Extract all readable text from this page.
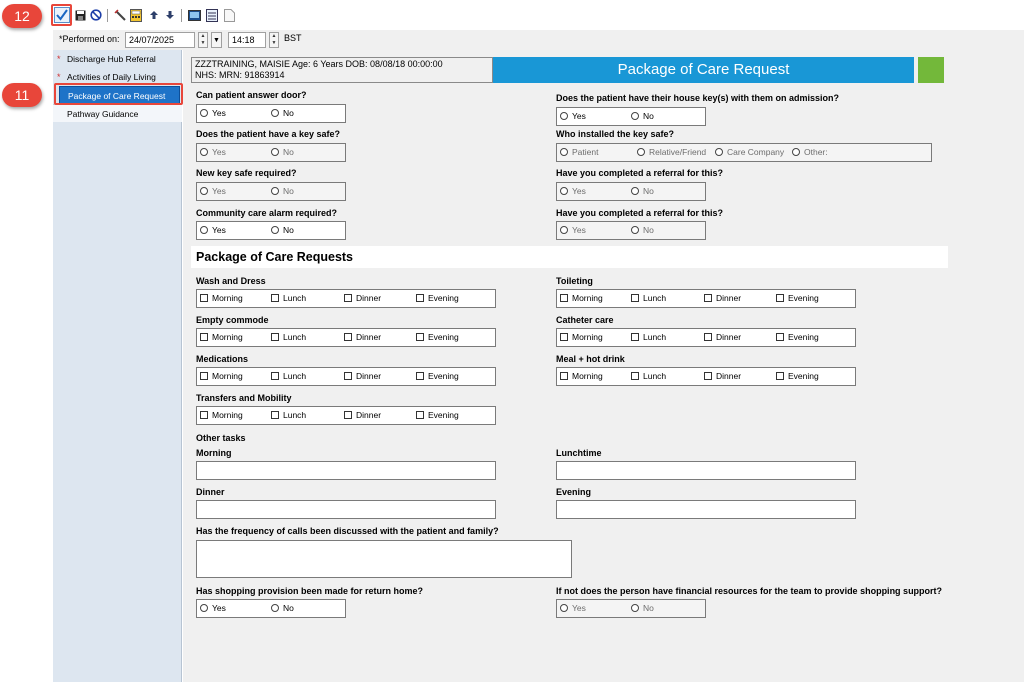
12
*Performed on:	24/07/2025	▲
▼	▼	14:18	▲
▼ BST
* Discharge Hub Referral
* Activities of Daily Living
Package of Care Request
Pathway Guidance
11
ZZZTRAINING, MAISIE Age: 6 Years DOB: 08/08/18 00:00:00
NHS: MRN: 91863914	Package of Care Request
Can patient answer door?
Yes	No
Does the patient have their house key(s) with them on admission?
Yes	No
Does the patient have a key safe?
Yes	No
Who installed the key safe?
Patient	Relative/Friend Care Company Other:
New key safe required?
Yes	No
Have you completed a referral for this?
Yes	No
Community care alarm required?
Yes	No
Have you completed a referral for this?
Yes	No
Package of Care Requests
Wash and Dress
Morning	Lunch	Dinner	Evening
Toileting
Morning	Lunch	Dinner	Evening
Empty commode
Morning	Lunch	Dinner	Evening
Catheter care
Morning	Lunch	Dinner	Evening
Medications
Morning	Lunch	Dinner	Evening
Meal + hot drink
Morning	Lunch	Dinner	Evening
Transfers and Mobility
Morning	Lunch	Dinner	Evening
Other tasks
Morning	Lunchtime
Dinner	Evening
Has the frequency of calls been discussed with the patient and family?
Has shopping provision been made for return home?
Yes	No
If not does the person have financial resources for the team to provide shopping support?
Yes	No
